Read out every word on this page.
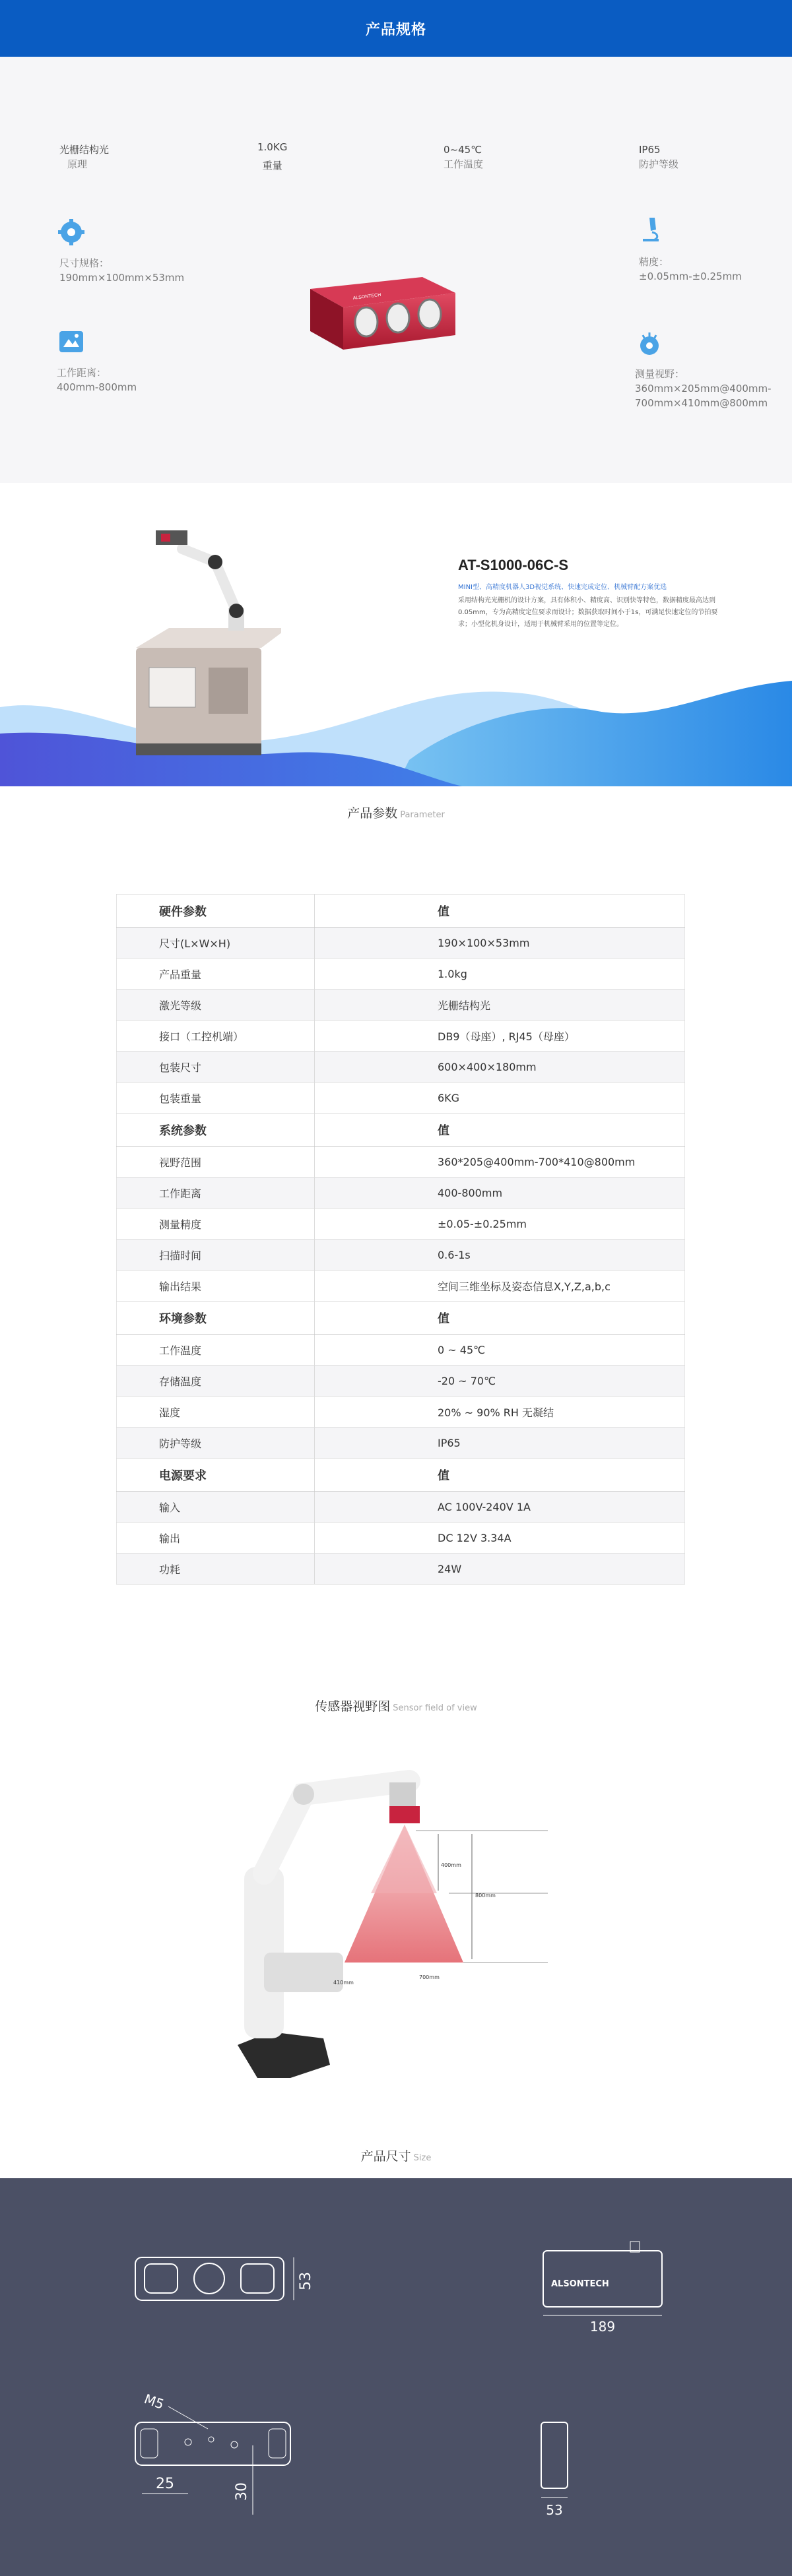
产品规格
光栅结构光
原理
1.0KG
重量
0~45℃
工作温度
IP65
防护等级
尺寸规格：
190mm×100mm×53mm
工作距离：
400mm-800mm
精度：
±0.05mm-±0.25mm
测量视野：
360mm×205mm@400mm-
700mm×410mm@800mm
ALSONTECH
AT-S1000-06C-S
MINI型、高精度机器人3D视觉系统、快速完成定位、机械臂配方案优选
采用结构光光栅机的设计方案，具有体积小、精度高、识别快等特色，数据精度最高达到0.05mm，专为高精度定位要求而设计；数据获取时间小于1s，可满足快速定位的节拍要求；小型化机身设计，适用于机械臂采用的位置等定位。
产品参数 Parameter
硬件参数	值
尺寸(L×W×H)	190×100×53mm
产品重量	1.0kg
激光等级	光栅结构光
接口（工控机端）	DB9（母座）, RJ45（母座）
包装尺寸	600×400×180mm
包装重量	6KG
系统参数	值
视野范围	360*205@400mm-700*410@800mm
工作距离	400-800mm
测量精度	±0.05-±0.25mm
扫描时间	0.6-1s
输出结果	空间三维坐标及姿态信息X,Y,Z,a,b,c
环境参数	值
工作温度	0 ~ 45℃
存储温度	-20 ~ 70℃
湿度	20% ~ 90% RH 无凝结
防护等级	IP65
电源要求	值
输入	AC 100V-240V 1A
输出	DC 12V 3.34A
功耗	24W
传感器视野图 Sensor field of view
400mm
800mm
410mm
700mm
产品尺寸 Size
53	ALSONTECH
189
M5
25	30
53
